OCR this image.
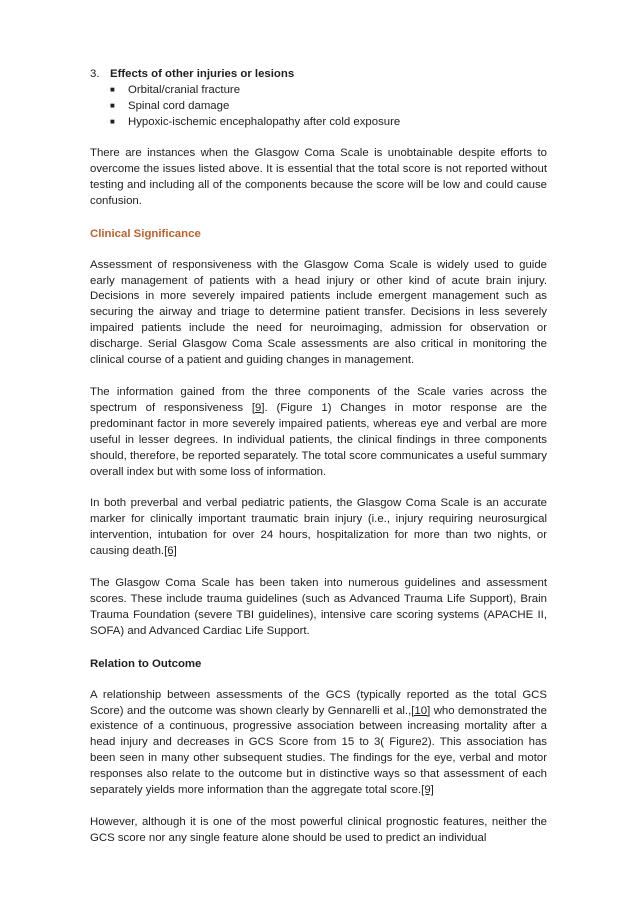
3. Effects of other injuries or lesions
■	Orbital/cranial fracture
■	Spinal cord damage
■	Hypoxic-ischemic encephalopathy after cold exposure

There are instances when the Glasgow Coma Scale is unobtainable despite efforts to overcome the issues listed above. It is essential that the total score is not reported without testing and including all of the components because the score will be low and could cause confusion.

Clinical Significance

Assessment of responsiveness with the Glasgow Coma Scale is widely used to guide early management of patients with a head injury or other kind of acute brain injury. Decisions in more severely impaired patients include emergent management such as securing the airway and triage to determine patient transfer. Decisions in less severely impaired patients include the need for neuroimaging, admission for observation or discharge. Serial Glasgow Coma Scale assessments are also critical in monitoring the clinical course of a patient and guiding changes in management.

The information gained from the three components of the Scale varies across the spectrum of responsiveness [9]. (Figure 1) Changes in motor response are the predominant factor in more severely impaired patients, whereas eye and verbal are more useful in lesser degrees. In individual patients, the clinical findings in three components should, therefore, be reported separately. The total score communicates a useful summary overall index but with some loss of information.

In both preverbal and verbal pediatric patients, the Glasgow Coma Scale is an accurate marker for clinically important traumatic brain injury (i.e., injury requiring neurosurgical intervention, intubation for over 24 hours, hospitalization for more than two nights, or causing death.[6]

The Glasgow Coma Scale has been taken into numerous guidelines and assessment scores. These include trauma guidelines (such as Advanced Trauma Life Support), Brain Trauma Foundation (severe TBI guidelines), intensive care scoring systems (APACHE II, SOFA) and Advanced Cardiac Life Support.

Relation to Outcome

A relationship between assessments of the GCS (typically reported as the total GCS Score) and the outcome was shown clearly by Gennarelli et al.,[10] who demonstrated the existence of a continuous, progressive association between increasing mortality after a head injury and decreases in GCS Score from 15 to 3( Figure2). This association has been seen in many other subsequent studies. The findings for the eye, verbal and motor responses also relate to the outcome but in distinctive ways so that assessment of each separately yields more information than the aggregate total score.[9]

However, although it is one of the most powerful clinical prognostic features, neither the GCS score nor any single feature alone should be used to predict an individual
